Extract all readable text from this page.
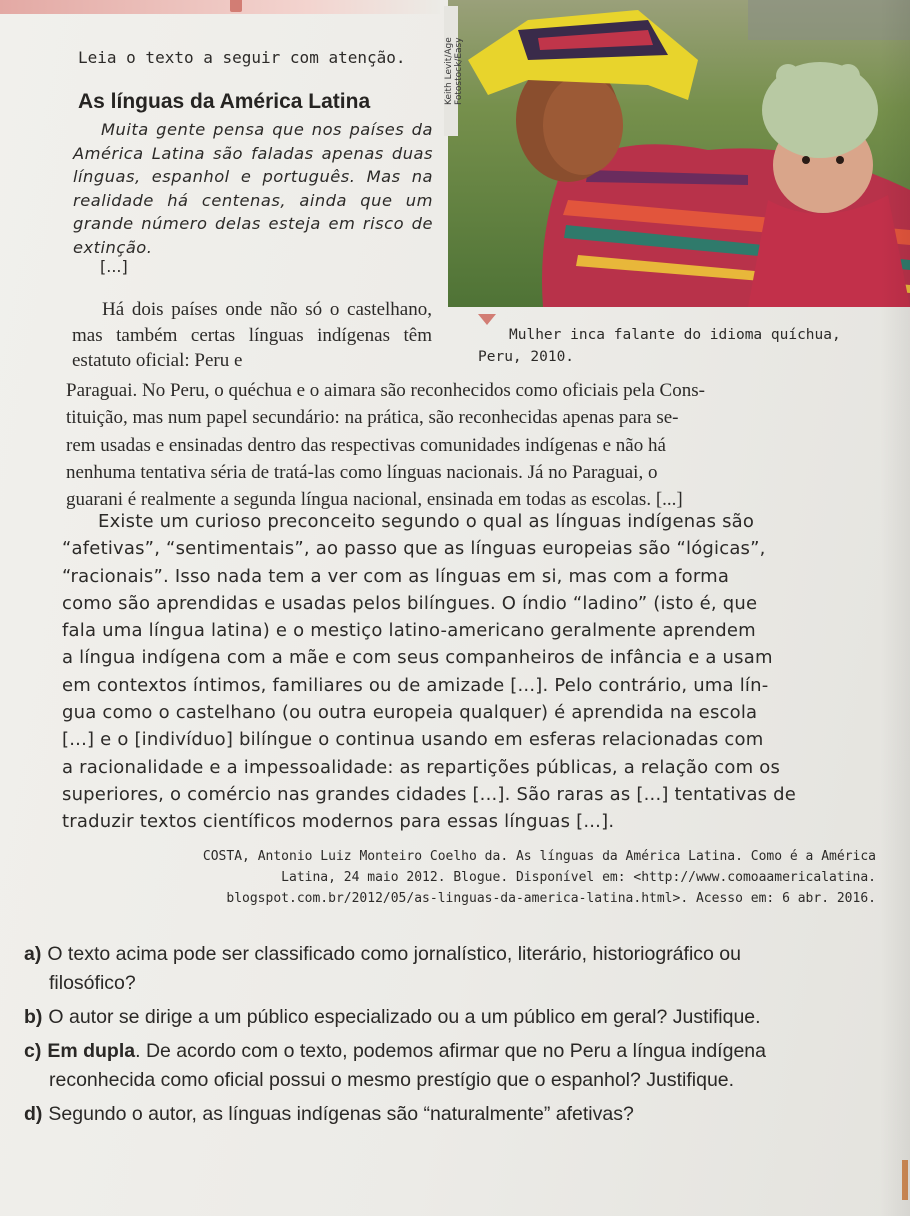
Leia o texto a seguir com atenção.
As línguas da América Latina

Muita gente pensa que nos países da América Latina são faladas apenas duas línguas, espanhol e português. Mas na realidade há centenas, ainda que um grande número delas esteja em risco de extinção.

[...]

Há dois países onde não só o castelhano, mas também certas línguas indígenas têm estatuto oficial: Peru e

Keith Levit/Age Fotostock/Easy
Mulher inca falante do idioma quíchua, Peru, 2010.
Paraguai. No Peru, o quéchua e o aimara são reconhecidos como oficiais pela Cons-
tituição, mas num papel secundário: na prática, são reconhecidas apenas para se-
rem usadas e ensinadas dentro das respectivas comunidades indígenas e não há
nenhuma tentativa séria de tratá-las como línguas nacionais. Já no Paraguai, o
guarani é realmente a segunda língua nacional, ensinada em todas as escolas. [...]
Existe um curioso preconceito segundo o qual as línguas indígenas são
“afetivas”, “sentimentais”, ao passo que as línguas europeias são “lógicas”,
“racionais”. Isso nada tem a ver com as línguas em si, mas com a forma
como são aprendidas e usadas pelos bilíngues. O índio “ladino” (isto é, que
fala uma língua latina) e o mestiço latino-americano geralmente aprendem
a língua indígena com a mãe e com seus companheiros de infância e a usam
em contextos íntimos, familiares ou de amizade [...]. Pelo contrário, uma lín-
gua como o castelhano (ou outra europeia qualquer) é aprendida na escola
[...] e o [indivíduo] bilíngue o continua usando em esferas relacionadas com
a racionalidade e a impessoalidade: as repartições públicas, a relação com os
superiores, o comércio nas grandes cidades [...]. São raras as [...] tentativas de
traduzir textos científicos modernos para essas línguas [...].
COSTA, Antonio Luiz Monteiro Coelho da. As línguas da América Latina. Como é a América
Latina, 24 maio 2012. Blogue. Disponível em: <http://www.comoaamericalatina.
blogspot.com.br/2012/05/as-linguas-da-america-latina.html>. Acesso em: 6 abr. 2016.
a) O texto acima pode ser classificado como jornalístico, literário, historiográfico ou
filosófico?
b) O autor se dirige a um público especializado ou a um público em geral? Justifique.
c) Em dupla. De acordo com o texto, podemos afirmar que no Peru a língua indígena
reconhecida como oficial possui o mesmo prestígio que o espanhol? Justifique.
d) Segundo o autor, as línguas indígenas são “naturalmente” afetivas?
